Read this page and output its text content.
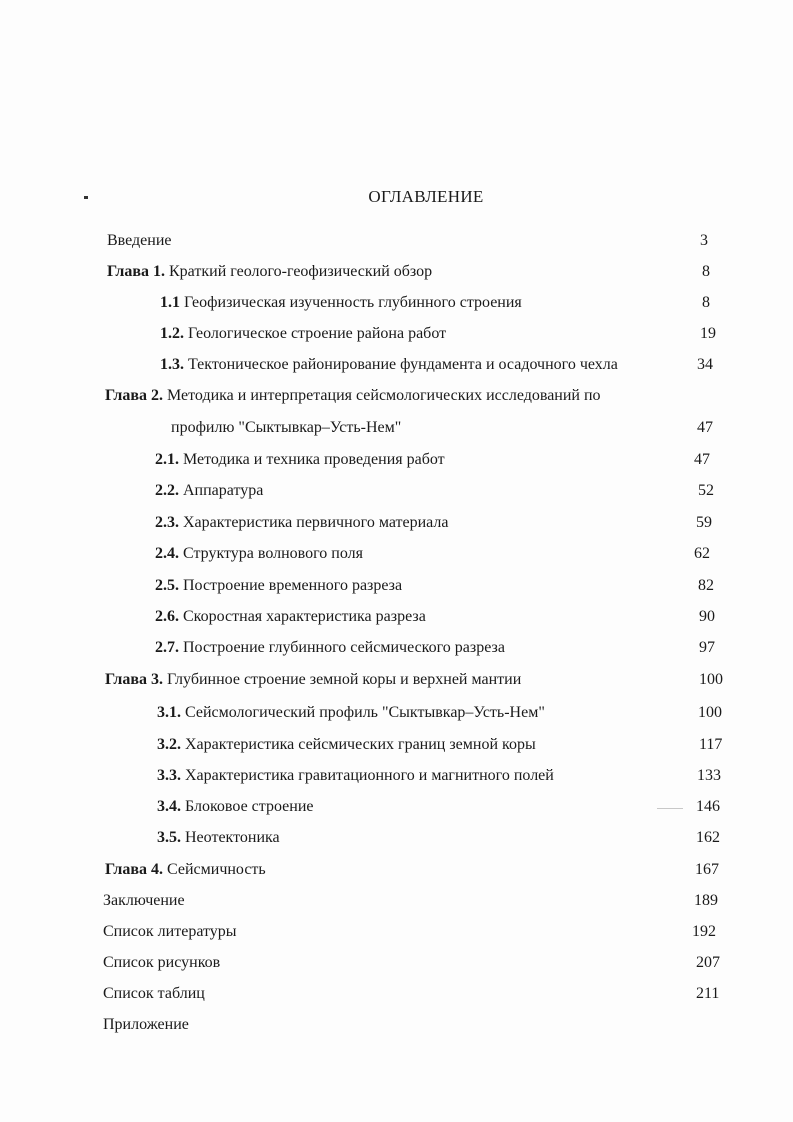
ОГЛАВЛЕНИЕ
Введение	3
Глава 1. Краткий геолого-геофизический обзор	8
1.1 Геофизическая изученность глубинного строения	8
1.2. Геологическое строение района работ	19
1.3. Тектоническое районирование фундамента и осадочного чехла	34
Глава 2. Методика и интерпретация сейсмологических исследований по
профилю "Сыктывкар–Усть-Нем"	47
2.1. Методика и техника проведения работ	47
2.2. Аппаратура	52
2.3. Характеристика первичного материала	59
2.4. Структура волнового поля	62
2.5. Построение временного разреза	82
2.6. Скоростная характеристика разреза	90
2.7. Построение глубинного сейсмического разреза	97
Глава 3. Глубинное строение земной коры и верхней мантии	100
3.1. Сейсмологический профиль "Сыктывкар–Усть-Нем"	100
3.2. Характеристика сейсмических границ земной коры	117
3.3. Характеристика гравитационного и магнитного полей	133
3.4. Блоковое строение	146
3.5. Неотектоника	162
Глава 4. Сейсмичность	167
Заключение	189
Список литературы	192
Список рисунков	207
Список таблиц	211
Приложение
